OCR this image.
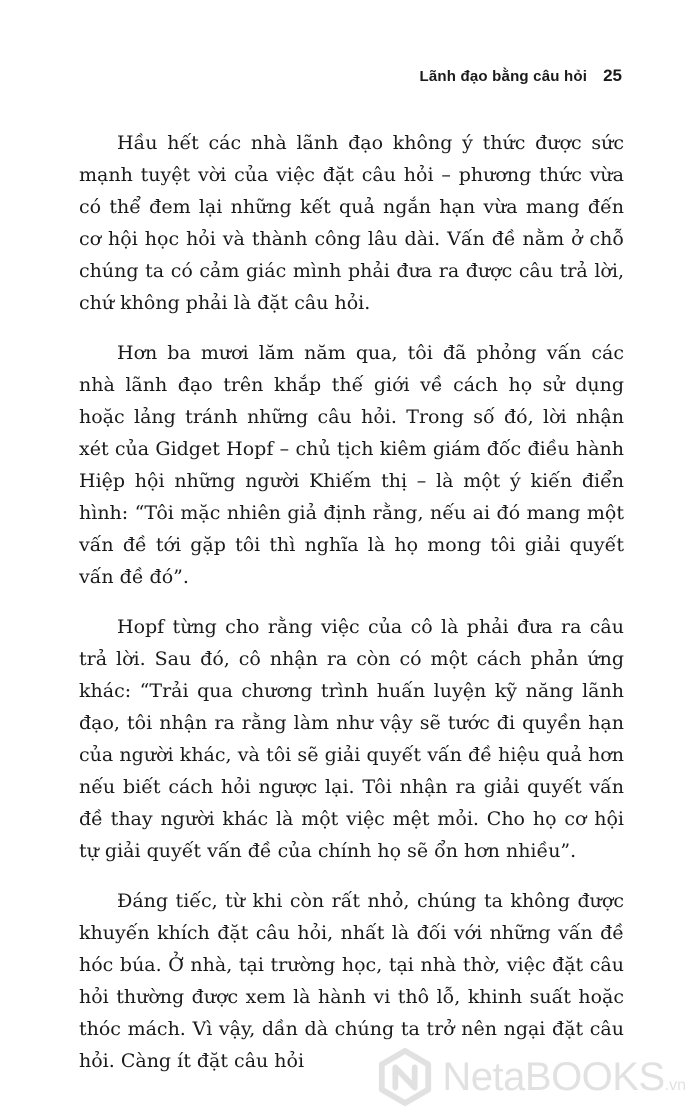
Lãnh đạo bằng câu hỏi 25

Hầu hết các nhà lãnh đạo không ý thức được sức mạnh tuyệt vời của việc đặt câu hỏi – phương thức vừa có thể đem lại những kết quả ngắn hạn vừa mang đến cơ hội học hỏi và thành công lâu dài. Vấn đề nằm ở chỗ chúng ta có cảm giác mình phải đưa ra được câu trả lời, chứ không phải là đặt câu hỏi.

Hơn ba mươi lăm năm qua, tôi đã phỏng vấn các nhà lãnh đạo trên khắp thế giới về cách họ sử dụng hoặc lảng tránh những câu hỏi. Trong số đó, lời nhận xét của Gidget Hopf – chủ tịch kiêm giám đốc điều hành Hiệp hội những người Khiếm thị – là một ý kiến điển hình: “Tôi mặc nhiên giả định rằng, nếu ai đó mang một vấn đề tới gặp tôi thì nghĩa là họ mong tôi giải quyết vấn đề đó”.

Hopf từng cho rằng việc của cô là phải đưa ra câu trả lời. Sau đó, cô nhận ra còn có một cách phản ứng khác: “Trải qua chương trình huấn luyện kỹ năng lãnh đạo, tôi nhận ra rằng làm như vậy sẽ tước đi quyền hạn của người khác, và tôi sẽ giải quyết vấn đề hiệu quả hơn nếu biết cách hỏi ngược lại. Tôi nhận ra giải quyết vấn đề thay người khác là một việc mệt mỏi. Cho họ cơ hội tự giải quyết vấn đề của chính họ sẽ ổn hơn nhiều”.

Đáng tiếc, từ khi còn rất nhỏ, chúng ta không được khuyến khích đặt câu hỏi, nhất là đối với những vấn đề hóc búa. Ở nhà, tại trường học, tại nhà thờ, việc đặt câu hỏi thường được xem là hành vi thô lỗ, khinh suất hoặc thóc mách. Vì vậy, dần dà chúng ta trở nên ngại đặt câu hỏi. Càng ít đặt câu hỏi	NetaBOOKS.vn
